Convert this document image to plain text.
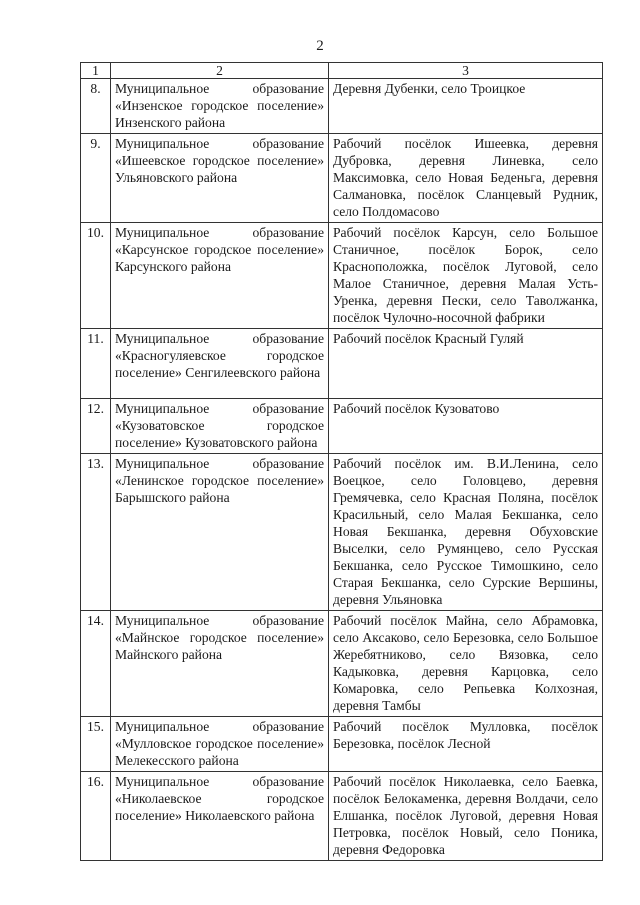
2
1	2	3
8.	Муниципальное образование «Инзенское городское поселение» Инзенского района	Деревня Дубенки, село Троицкое
9.	Муниципальное образование «Ишеевское городское поселение» Ульяновского района	Рабочий посёлок Ишеевка, деревня Дубровка, деревня Линевка, село Максимовка, село Новая Беденьга, деревня Салмановка, посёлок Сланцевый Рудник, село Полдомасово
10.	Муниципальное образование «Карсунское городское поселение» Карсунского района	Рабочий посёлок Карсун, село Большое Станичное, посёлок Борок, село Красноположка, посёлок Луговой, село Малое Станичное, деревня Малая Усть-Уренка, деревня Пески, село Таволжанка, посёлок Чулочно-носочной фабрики
11.	Муниципальное образование «Красногуляевское городское поселение» Сенгилеевского района	Рабочий посёлок Красный Гуляй
12.	Муниципальное образование «Кузоватовское городское поселение» Кузоватовского района	Рабочий посёлок Кузоватово
13.	Муниципальное образование «Ленинское городское поселение» Барышского района	Рабочий посёлок им. В.И.Ленина, село Воецкое, село Головцево, деревня Гремячевка, село Красная Поляна, посёлок Красильный, село Малая Бекшанка, село Новая Бекшанка, деревня Обуховские Выселки, село Румянцево, село Русская Бекшанка, село Русское Тимошкино, село Старая Бекшанка, село Сурские Вершины, деревня Ульяновка
14.	Муниципальное образование «Майнское городское поселение» Майнского района	Рабочий посёлок Майна, село Абрамовка, село Аксаково, село Березовка, село Большое Жеребятниково, село Вязовка, село Кадыковка, деревня Карцовка, село Комаровка, село Репьевка Колхозная, деревня Тамбы
15.	Муниципальное образование «Мулловское городское поселение» Мелекесского района	Рабочий посёлок Мулловка, посёлок Березовка, посёлок Лесной
16.	Муниципальное образование «Николаевское городское поселение» Николаевского района	Рабочий посёлок Николаевка, село Баевка, посёлок Белокаменка, деревня Волдачи, село Елшанка, посёлок Луговой, деревня Новая Петровка, посёлок Новый, село Поника, деревня Федоровка
